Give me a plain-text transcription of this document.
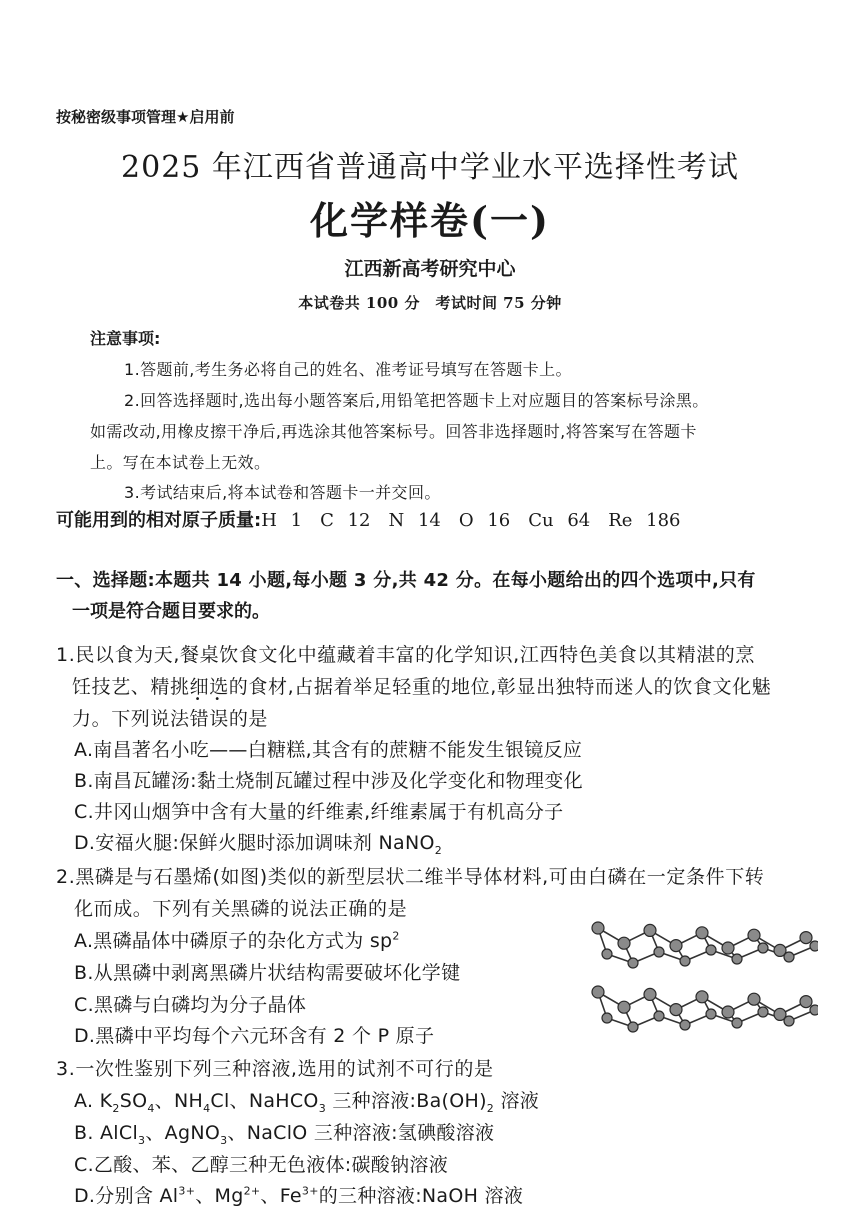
按秘密级事项管理★启用前
2025 年江西省普通高中学业水平选择性考试
化学样卷(一)
江西新高考研究中心
本试卷共 100 分　考试时间 75 分钟
注意事项:
1.答题前,考生务必将自己的姓名、准考证号填写在答题卡上。
2.回答选择题时,选出每小题答案后,用铅笔把答题卡上对应题目的答案标号涂黑。
如需改动,用橡皮擦干净后,再选涂其他答案标号。回答非选择题时,将答案写在答题卡
上。写在本试卷上无效。
3.考试结束后,将本试卷和答题卡一并交回。
可能用到的相对原子质量:H 1　C 12　N 14　O 16　Cu 64　Re 186
一、选择题:本题共 14 小题,每小题 3 分,共 42 分。在每小题给出的四个选项中,只有
一项是符合题目要求的。
1.民以食为天,餐桌饮食文化中蕴藏着丰富的化学知识,江西特色美食以其精湛的烹
饪技艺、精挑细选的食材,占据着举足轻重的地位,彰显出独特而迷人的饮食文化魅
力。下列说法错误的是
A.南昌著名小吃——白糖糕,其含有的蔗糖不能发生银镜反应
B.南昌瓦罐汤:黏土烧制瓦罐过程中涉及化学变化和物理变化
C.井冈山烟笋中含有大量的纤维素,纤维素属于有机高分子
D.安福火腿:保鲜火腿时添加调味剂 NaNO$_2$
2.黑磷是与石墨烯(如图)类似的新型层状二维半导体材料,可由白磷在一定条件下转
化而成。下列有关黑磷的说法正确的是
A.黑磷晶体中磷原子的杂化方式为 $sp^2$
B.从黑磷中剥离黑磷片状结构需要破坏化学键
C.黑磷与白磷均为分子晶体
D.黑磷中平均每个六元环含有 2 个 P 原子
3.一次性鉴别下列三种溶液,选用的试剂不可行的是
A. $K_2SO_4$、$NH_4Cl$、NaHCO$_3$ 三种溶液$:Ba(OH)_2$ 溶液
B. AlCl$_3$、AgNO$_3$、NaClO 三种溶液:氢碘酸溶液
C.乙酸、苯、乙醇三种无色液体:碳酸钠溶液
D.分别含 $Al^{3+}$、$Mg^{2+}$、$Fe^{3+}$的三种溶液:NaOH 溶液
